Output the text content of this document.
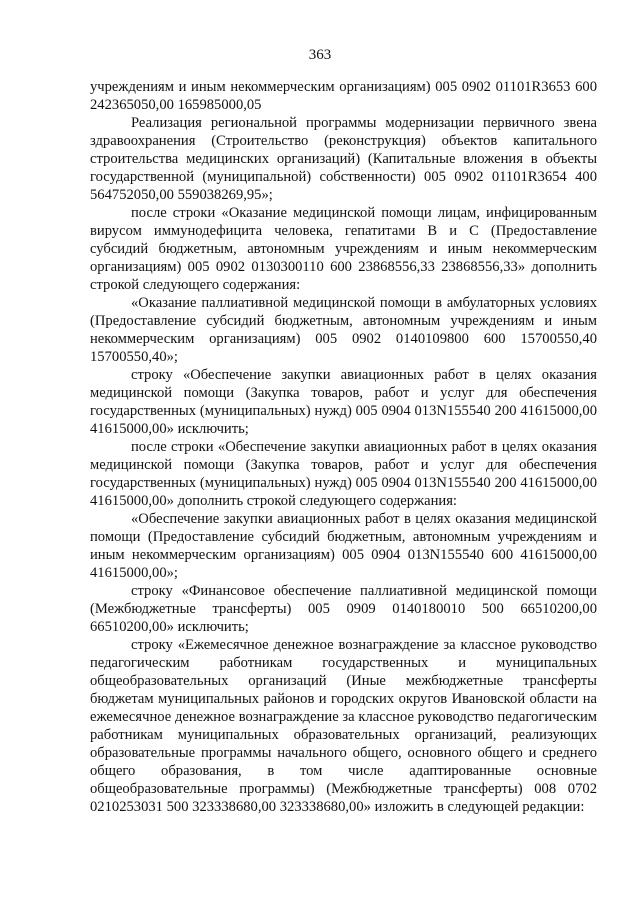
363

учреждениям и иным некоммерческим организациям) 005 0902 01101R3653 600 242365050,00 165985000,05

Реализация региональной программы модернизации первичного звена здравоохранения (Строительство (реконструкция) объектов капитального строительства медицинских организаций) (Капитальные вложения в объекты государственной (муниципальной) собственности) 005 0902 01101R3654 400 564752050,00 559038269,95»;

после строки «Оказание медицинской помощи лицам, инфицированным вирусом иммунодефицита человека, гепатитами B и C (Предоставление субсидий бюджетным, автономным учреждениям и иным некоммерческим организациям) 005 0902 0130300110 600 23868556,33 23868556,33» дополнить строкой следующего содержания:

«Оказание паллиативной медицинской помощи в амбулаторных условиях (Предоставление субсидий бюджетным, автономным учреждениям и иным некоммерческим организациям) 005 0902 0140109800 600 15700550,40 15700550,40»;

строку «Обеспечение закупки авиационных работ в целях оказания медицинской помощи (Закупка товаров, работ и услуг для обеспечения государственных (муниципальных) нужд) 005 0904 013N155540 200 41615000,00 41615000,00» исключить;

после строки «Обеспечение закупки авиационных работ в целях оказания медицинской помощи (Закупка товаров, работ и услуг для обеспечения государственных (муниципальных) нужд) 005 0904 013N155540 200 41615000,00 41615000,00» дополнить строкой следующего содержания:

«Обеспечение закупки авиационных работ в целях оказания медицинской помощи (Предоставление субсидий бюджетным, автономным учреждениям и иным некоммерческим организациям) 005 0904 013N155540 600 41615000,00 41615000,00»;

строку «Финансовое обеспечение паллиативной медицинской помощи (Межбюджетные трансферты) 005 0909 0140180010 500 66510200,00 66510200,00» исключить;

строку «Ежемесячное денежное вознаграждение за классное руководство педагогическим работникам государственных и муниципальных общеобразовательных организаций (Иные межбюджетные трансферты бюджетам муниципальных районов и городских округов Ивановской области на ежемесячное денежное вознаграждение за классное руководство педагогическим работникам муниципальных образовательных организаций, реализующих образовательные программы начального общего, основного общего и среднего общего образования, в том числе адаптированные основные общеобразовательные программы) (Межбюджетные трансферты) 008 0702 0210253031 500 323338680,00 323338680,00» изложить в следующей редакции:
